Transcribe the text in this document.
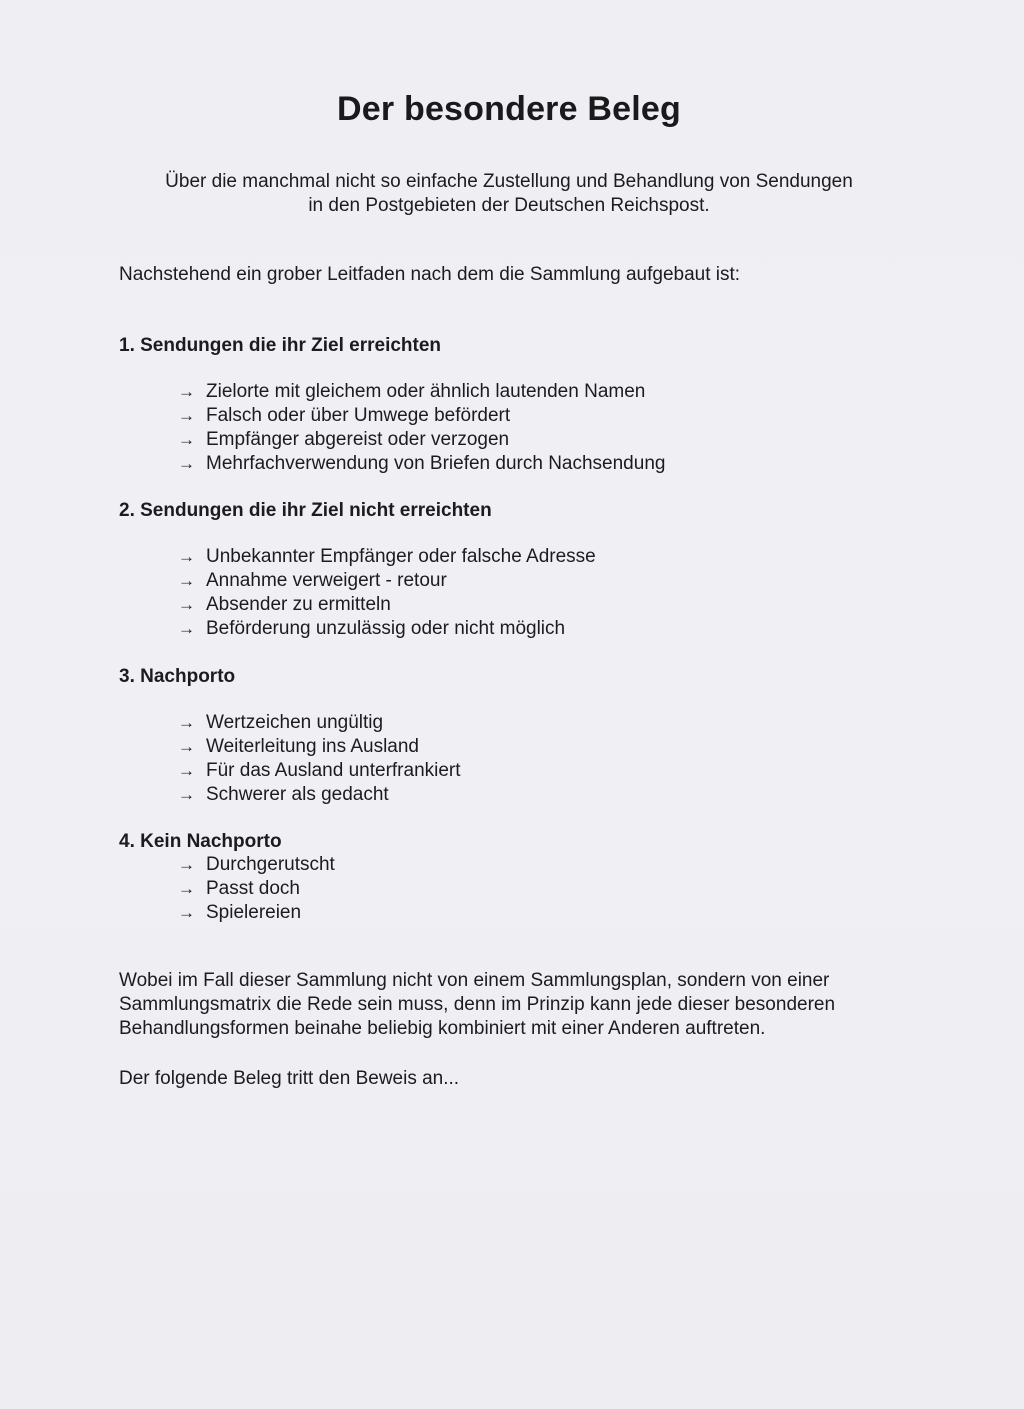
Der besondere Beleg
Über die manchmal nicht so einfache Zustellung und Behandlung von Sendungen
in den Postgebieten der Deutschen Reichspost.
Nachstehend ein grober Leitfaden nach dem die Sammlung aufgebaut ist:
1. Sendungen die ihr Ziel erreichten
→ Zielorte mit gleichem oder ähnlich lautenden Namen
→ Falsch oder über Umwege befördert
→ Empfänger abgereist oder verzogen
→ Mehrfachverwendung von Briefen durch Nachsendung
2. Sendungen die ihr Ziel nicht erreichten
→ Unbekannter Empfänger oder falsche Adresse
→ Annahme verweigert - retour
→ Absender zu ermitteln
→ Beförderung unzulässig oder nicht möglich
3. Nachporto
→ Wertzeichen ungültig
→ Weiterleitung ins Ausland
→ Für das Ausland unterfrankiert
→ Schwerer als gedacht
4. Kein Nachporto
→ Durchgerutscht
→ Passt doch
→ Spielereien
Wobei im Fall dieser Sammlung nicht von einem Sammlungsplan, sondern von einer
Sammlungsmatrix die Rede sein muss, denn im Prinzip kann jede dieser besonderen
Behandlungsformen beinahe beliebig kombiniert mit einer Anderen auftreten.
Der folgende Beleg tritt den Beweis an...
